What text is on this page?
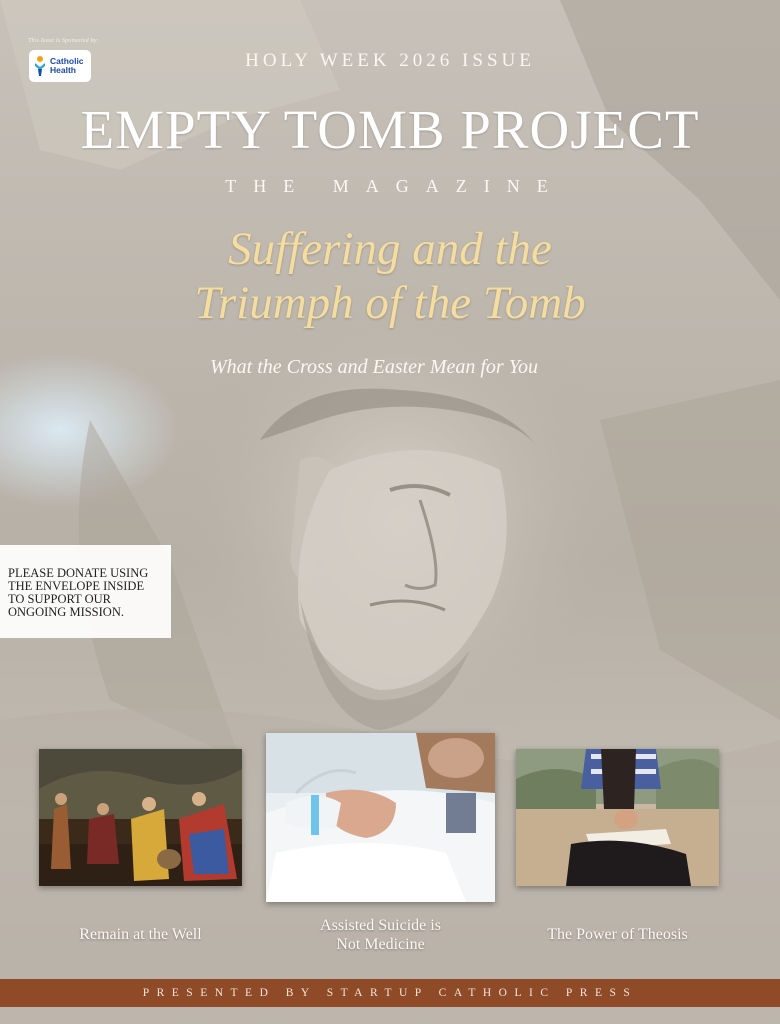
This Issue is Sponsored by:
Catholic
Health	HOLY WEEK 2026 ISSUE
EMPTY TOMB PROJECT
THE MAGAZINE
Suffering and the
Triumph of the Tomb
What the Cross and Easter Mean for You
PLEASE DONATE USING
THE ENVELOPE INSIDE
TO SUPPORT OUR
ONGOING MISSION.
Remain at the Well
Assisted Suicide is
Not Medicine
The Power of Theosis
PRESENTED BY STARTUP CATHOLIC PRESS
